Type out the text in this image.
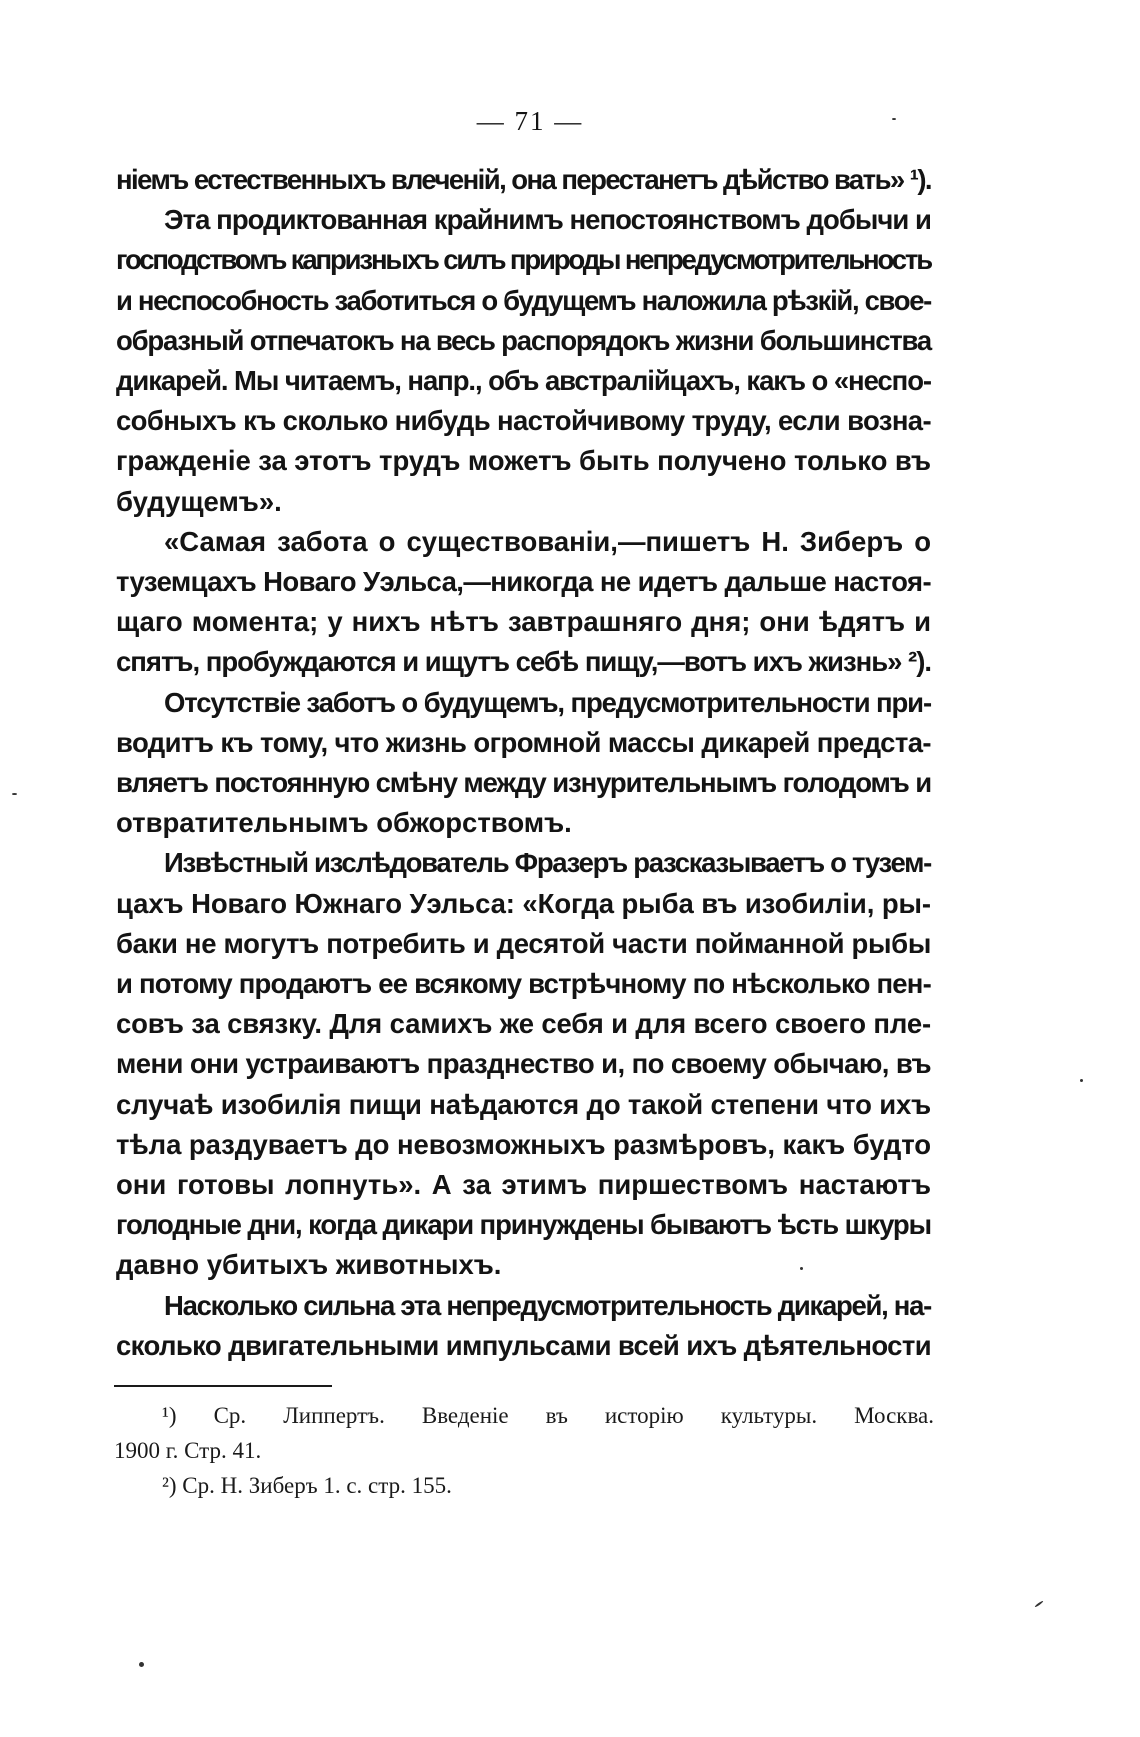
— 71 —
ніемъ естественныхъ влеченій, она перестанетъ дѣйство вать» ¹).
Эта продиктованная крайнимъ непостоянствомъ добычи и
господствомъ капризныхъ силъ природы непредусмотрительность
и неспособность заботиться о будущемъ наложила рѣзкій, свое-
образный отпечатокъ на весь распорядокъ жизни большинства
дикарей. Мы читаемъ, напр., объ австралійцахъ, какъ о «неспо-
собныхъ къ сколько нибудь настойчивому труду, если возна-
гражденіе за этотъ трудъ можетъ быть получено только въ
будущемъ».
«Самая забота о существованіи,—пишетъ Н. Зиберъ о
туземцахъ Новаго Уэльса,—никогда не идетъ дальше настоя-
щаго момента; у нихъ нѣтъ завтрашняго дня; они ѣдятъ и
спятъ, пробуждаются и ищутъ себѣ пищу,—вотъ ихъ жизнь» ²).
Отсутствіе заботъ о будущемъ, предусмотрительности при-
водитъ къ тому, что жизнь огромной массы дикарей предста-
вляетъ постоянную смѣну между изнурительнымъ голодомъ и
отвратительнымъ обжорствомъ.
Извѣстный изслѣдователь Фразеръ разсказываетъ о тузем-
цахъ Новаго Южнаго Уэльса: «Когда рыба въ изобиліи, ры-
баки не могутъ потребить и десятой части пойманной рыбы
и потому продаютъ ее всякому встрѣчному по нѣсколько пен-
совъ за связку. Для самихъ же себя и для всего своего пле-
мени они устраиваютъ празднество и, по своему обычаю, въ
случаѣ изобилія пищи наѣдаются до такой степени что ихъ
тѣла раздуваетъ до невозможныхъ размѣровъ, какъ будто
они готовы лопнуть». А за этимъ пиршествомъ настаютъ
голодные дни, когда дикари принуждены бываютъ ѣсть шкуры
давно убитыхъ животныхъ.
Насколько сильна эта непредусмотрительность дикарей, на-
сколько двигательными импульсами всей ихъ дѣятельности
¹) Ср. Липпертъ. Введеніе въ исторію культуры. Москва.
1900 г. Стр. 41.
²) Ср. Н. Зиберъ 1. с. стр. 155.
